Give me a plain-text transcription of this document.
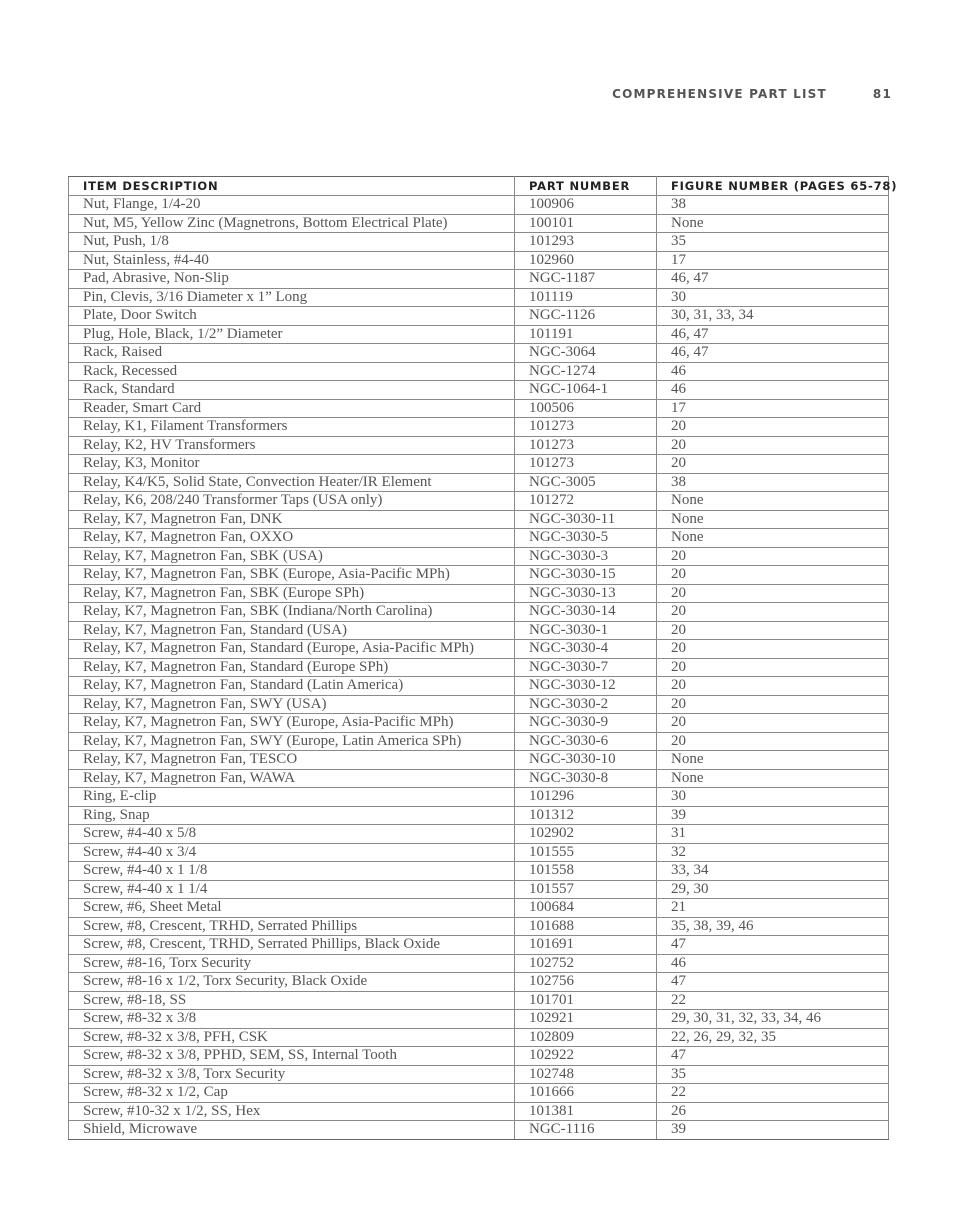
COMPREHENSIVE PART LIST	81
ITEM DESCRIPTION	PART NUMBER	FIGURE NUMBER (PAGES 65-78)
Nut, Flange, 1/4-20	100906	38
Nut, M5, Yellow Zinc (Magnetrons, Bottom Electrical Plate)	100101	None
Nut, Push, 1/8	101293	35
Nut, Stainless, #4-40	102960	17
Pad, Abrasive, Non-Slip	NGC-1187	46, 47
Pin, Clevis, 3/16 Diameter x 1” Long	101119	30
Plate, Door Switch	NGC-1126	30, 31, 33, 34
Plug, Hole, Black, 1/2” Diameter	101191	46, 47
Rack, Raised	NGC-3064	46, 47
Rack, Recessed	NGC-1274	46
Rack, Standard	NGC-1064-1	46
Reader, Smart Card	100506	17
Relay, K1, Filament Transformers	101273	20
Relay, K2, HV Transformers	101273	20
Relay, K3, Monitor	101273	20
Relay, K4/K5, Solid State, Convection Heater/IR Element	NGC-3005	38
Relay, K6, 208/240 Transformer Taps (USA only)	101272	None
Relay, K7, Magnetron Fan, DNK	NGC-3030-11	None
Relay, K7, Magnetron Fan, OXXO	NGC-3030-5	None
Relay, K7, Magnetron Fan, SBK (USA)	NGC-3030-3	20
Relay, K7, Magnetron Fan, SBK (Europe, Asia-Pacific MPh)	NGC-3030-15	20
Relay, K7, Magnetron Fan, SBK (Europe SPh)	NGC-3030-13	20
Relay, K7, Magnetron Fan, SBK (Indiana/North Carolina)	NGC-3030-14	20
Relay, K7, Magnetron Fan, Standard (USA)	NGC-3030-1	20
Relay, K7, Magnetron Fan, Standard (Europe, Asia-Pacific MPh)	NGC-3030-4	20
Relay, K7, Magnetron Fan, Standard (Europe SPh)	NGC-3030-7	20
Relay, K7, Magnetron Fan, Standard (Latin America)	NGC-3030-12	20
Relay, K7, Magnetron Fan, SWY (USA)	NGC-3030-2	20
Relay, K7, Magnetron Fan, SWY (Europe, Asia-Pacific MPh)	NGC-3030-9	20
Relay, K7, Magnetron Fan, SWY (Europe, Latin America SPh)	NGC-3030-6	20
Relay, K7, Magnetron Fan, TESCO	NGC-3030-10	None
Relay, K7, Magnetron Fan, WAWA	NGC-3030-8	None
Ring, E-clip	101296	30
Ring, Snap	101312	39
Screw, #4-40 x 5/8	102902	31
Screw, #4-40 x 3/4	101555	32
Screw, #4-40 x 1 1/8	101558	33, 34
Screw, #4-40 x 1 1/4	101557	29, 30
Screw, #6, Sheet Metal	100684	21
Screw, #8, Crescent, TRHD, Serrated Phillips	101688	35, 38, 39, 46
Screw, #8, Crescent, TRHD, Serrated Phillips, Black Oxide	101691	47
Screw, #8-16, Torx Security	102752	46
Screw, #8-16 x 1/2, Torx Security, Black Oxide	102756	47
Screw, #8-18, SS	101701	22
Screw, #8-32 x 3/8	102921	29, 30, 31, 32, 33, 34, 46
Screw, #8-32 x 3/8, PFH, CSK	102809	22, 26, 29, 32, 35
Screw, #8-32 x 3/8, PPHD, SEM, SS, Internal Tooth	102922	47
Screw, #8-32 x 3/8, Torx Security	102748	35
Screw, #8-32 x 1/2, Cap	101666	22
Screw, #10-32 x 1/2, SS, Hex	101381	26
Shield, Microwave	NGC-1116	39
